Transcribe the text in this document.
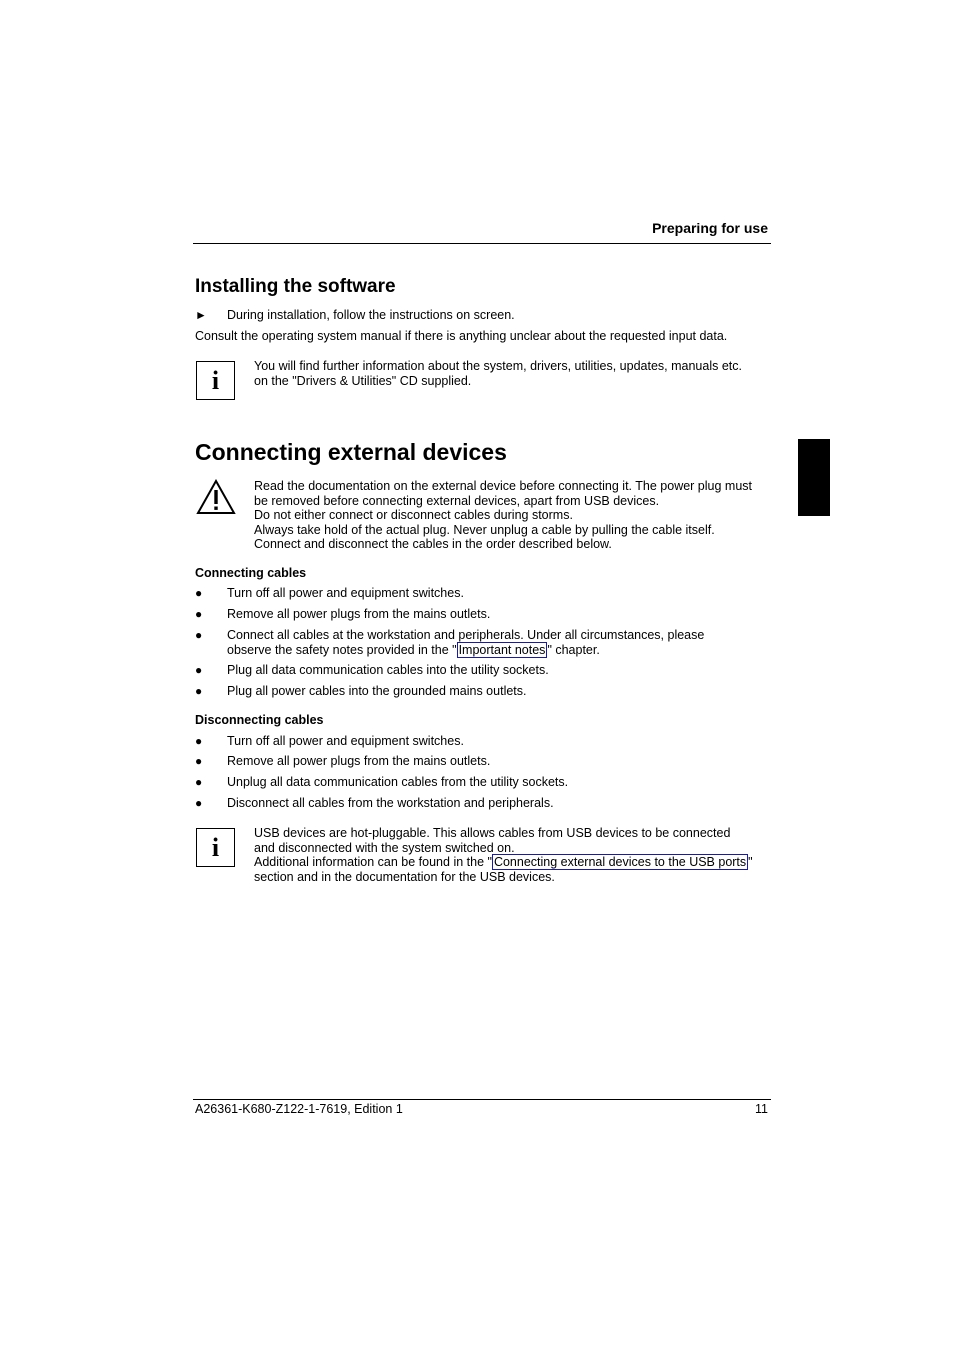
Preparing for use
Installing the software
► During installation, follow the instructions on screen.
Consult the operating system manual if there is anything unclear about the requested input data.
i	You will find further information about the system, drivers, utilities, updates, manuals etc.
on the "Drivers & Utilities" CD supplied.
Connecting external devices
Read the documentation on the external device before connecting it. The power plug must
be removed before connecting external devices, apart from USB devices.
Do not either connect or disconnect cables during storms.
Always take hold of the actual plug. Never unplug a cable by pulling the cable itself.
Connect and disconnect the cables in the order described below.
Connecting cables
● Turn off all power and equipment switches.
● Remove all power plugs from the mains outlets.
● Connect all cables at the workstation and peripherals. Under all circumstances, please
observe the safety notes provided in the " Important notes " chapter.
● Plug all data communication cables into the utility sockets.
● Plug all power cables into the grounded mains outlets.
Disconnecting cables
● Turn off all power and equipment switches.
● Remove all power plugs from the mains outlets.
● Unplug all data communication cables from the utility sockets.
● Disconnect all cables from the workstation and peripherals.
i	USB devices are hot-pluggable. This allows cables from USB devices to be connected
and disconnected with the system switched on.
Additional information can be found in the " Connecting external devices to the USB ports "
section and in the documentation for the USB devices.
A26361-K680-Z122-1-7619, Edition 1	11
